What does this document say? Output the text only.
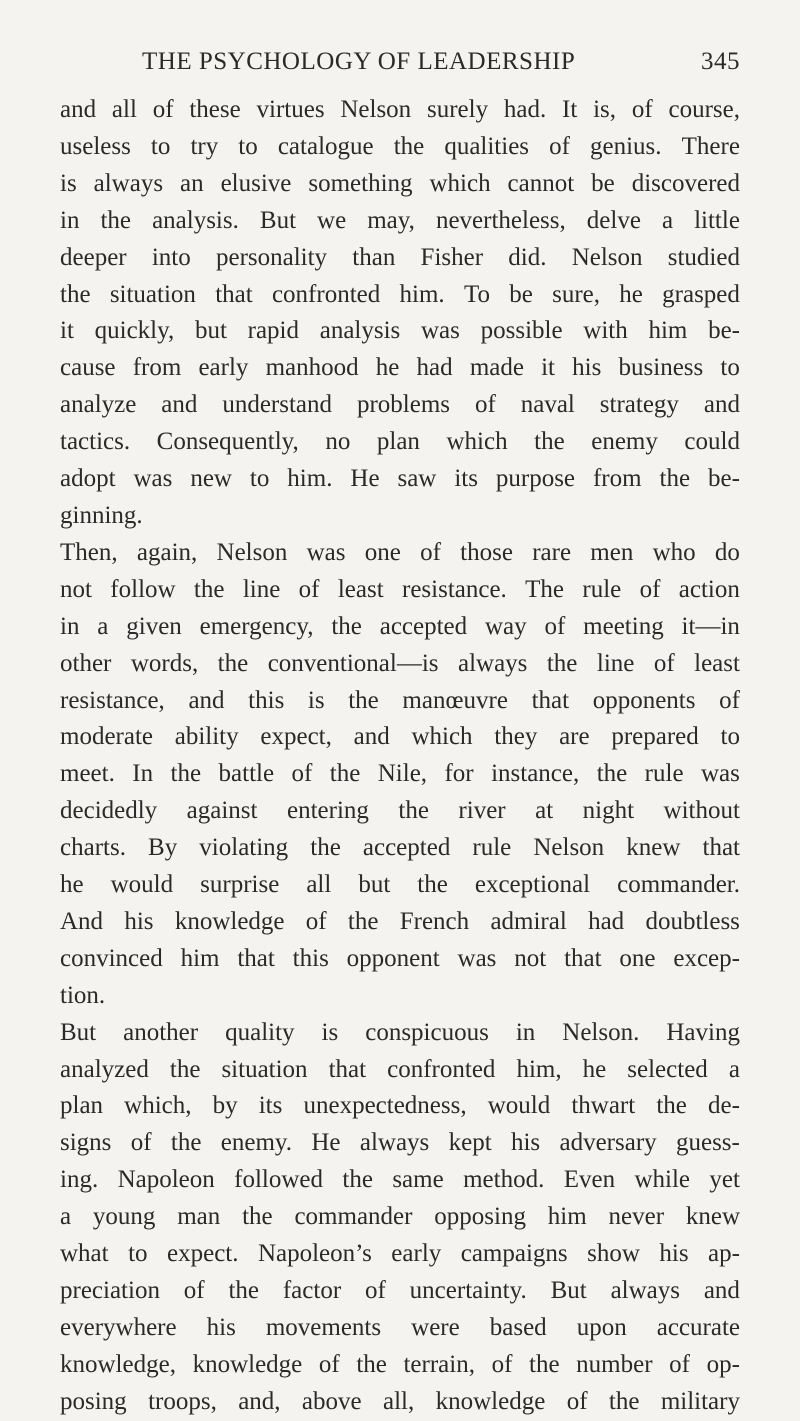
THE PSYCHOLOGY OF LEADERSHIP	345
and all of these virtues Nelson surely had. It is, of course,
useless to try to catalogue the qualities of genius. There
is always an elusive something which cannot be discovered
in the analysis. But we may, nevertheless, delve a little
deeper into personality than Fisher did. Nelson studied
the situation that confronted him. To be sure, he grasped
it quickly, but rapid analysis was possible with him be-
cause from early manhood he had made it his business to
analyze and understand problems of naval strategy and
tactics. Consequently, no plan which the enemy could
adopt was new to him. He saw its purpose from the be-
ginning.
Then, again, Nelson was one of those rare men who do
not follow the line of least resistance. The rule of action
in a given emergency, the accepted way of meeting it—in
other words, the conventional—is always the line of least
resistance, and this is the manœuvre that opponents of
moderate ability expect, and which they are prepared to
meet. In the battle of the Nile, for instance, the rule was
decidedly against entering the river at night without
charts. By violating the accepted rule Nelson knew that
he would surprise all but the exceptional commander.
And his knowledge of the French admiral had doubtless
convinced him that this opponent was not that one excep-
tion.
But another quality is conspicuous in Nelson. Having
analyzed the situation that confronted him, he selected a
plan which, by its unexpectedness, would thwart the de-
signs of the enemy. He always kept his adversary guess-
ing. Napoleon followed the same method. Even while yet
a young man the commander opposing him never knew
what to expect. Napoleon’s early campaigns show his ap-
preciation of the factor of uncertainty. But always and
everywhere his movements were based upon accurate
knowledge, knowledge of the terrain, of the number of op-
posing troops, and, above all, knowledge of the military
